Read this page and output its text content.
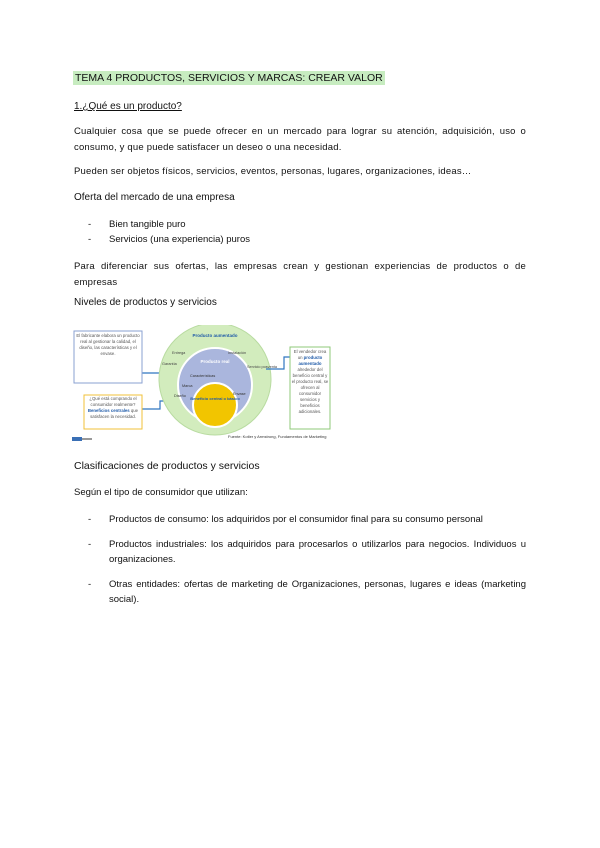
TEMA 4 PRODUCTOS, SERVICIOS Y MARCAS: CREAR VALOR
1.¿Qué es un producto?
Cualquier cosa que se puede ofrecer en un mercado para lograr su atención, adquisición, uso o consumo, y que puede satisfacer un deseo o una necesidad.
Pueden ser objetos físicos, servicios, eventos, personas, lugares, organizaciones, ideas…
Oferta del mercado de una empresa
- Bien tangible puro
- Servicios (una experiencia) puros
Para diferenciar sus ofertas, las empresas crean y gestionan experiencias de productos o de empresas
Niveles de productos y servicios
Producto aumentado
Producto real
Beneficio central o básico
Entrega	Instalación
Servicio posventa
Garantía
Características
Marca
Diseño	Envase
El fabricante elabora un producto real al gestionar la calidad, el diseño, las características y el envase.
¿Qué está comprando el consumidor realmente? Beneficios centrales que satisfacen la necesidad.
El vendedor crea un producto aumentado alrededor del beneficio central y el producto real, se ofrecen al consumidor servicios y beneficios adicionales.
Fuente: Kotler y Armstrong, Fundamentos de Marketing
Clasificaciones de productos y servicios
Según el tipo de consumidor que utilizan:
- Productos de consumo: los adquiridos por el consumidor final para su consumo personal
- Productos industriales: los adquiridos para procesarlos o utilizarlos para negocios. Individuos u organizaciones.
- Otras entidades: ofertas de marketing de Organizaciones, personas, lugares e ideas (marketing social).
